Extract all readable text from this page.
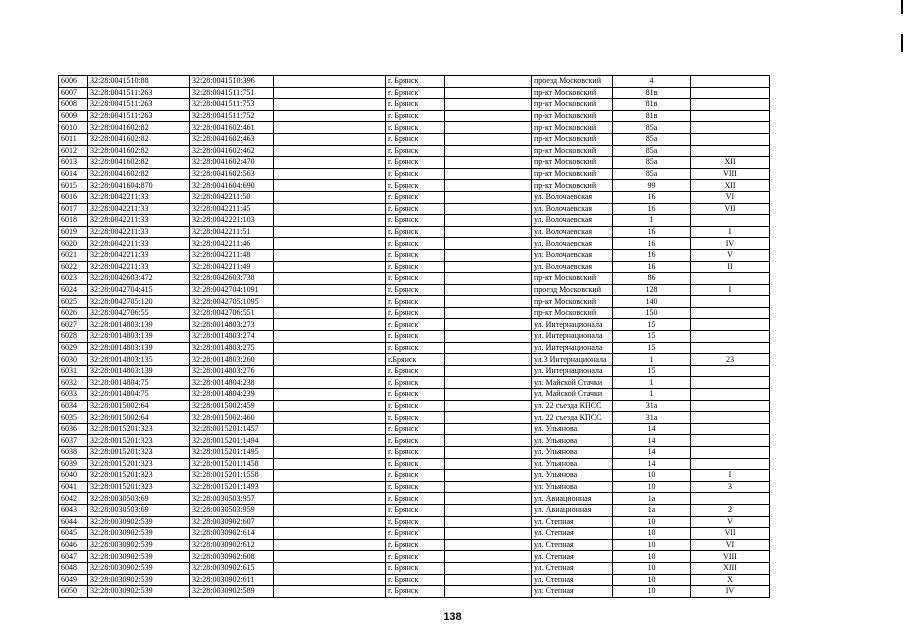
6006	32:28:0041510:88	32:28:0041510:396		г. Брянск		проезд Московский	4	
6007	32:28:0041511:263	32:28:0041511:751		г. Брянск		пр-кт Московский	81в	
6008	32:28:0041511:263	32:28:0041511:753		г. Брянск		пр-кт Московский	81в	
6009	32:28:0041511:263	32:28:0041511:752		г. Брянск		пр-кт Московский	81в	
6010	32:28:0041602:82	32:28:0041602:461		г. Брянск		пр-кт Московский	85а	
6011	32:28:0041602:82	32:28:0041602:463		г. Брянск		пр-кт Московский	85а	
6012	32:28:0041602:82	32:28:0041602:462		г. Брянск		пр-кт Московский	85а	
6013	32:28:0041602:82	32:28:0041602:470		г. Брянск		пр-кт Московский	85а	XII
6014	32:28:0041602:82	32:28:0041602:563		г. Брянск		пр-кт Московский	85а	VIII
6015	32:28:0041604:870	32:28:0041604:690		г. Брянск		пр-кт Московский	99	XII
6016	32:28:0042211:33	32:28:0042211:50		г. Брянск		ул. Волочаевская	16	VI
6017	32:28:0042211:33	32:28:0042211:45		г. Брянск		ул. Волочаевская	16	VII
6018	32:28:0042211:33	32:28:0042221:103		г. Брянск		ул. Волочаевская	1	
6019	32:28:0042211:33	32:28:0042211:51		г. Брянск		ул. Волочаевская	16	I
6020	32:28:0042211:33	32:28:0042211:46		г. Брянск		ул. Волочаевская	16	IV
6021	32:28:0042211:33	32:28:0042211:48		г. Брянск		ул. Волочаевская	16	V
6022	32:28:0042211:33	32:28:0042211:49		г. Брянск		ул. Волочаевская	16	II
6023	32:28:0042603:472	32:28:0042603:738		г. Брянск		пр-кт Московский	86	
6024	32:28:0042704:415	32:28:0042704:1091		г. Брянск		проезд Московский	128	I
6025	32:28:0042705:120	32:28:0042705:1095		г. Брянск		пр-кт Московский	140	
6026	32:28:0042706:55	32:28:0042706:551		г. Брянск		пр-кт Московский	150	
6027	32:28:0014803:139	32:28:0014803:273		г. Брянск		ул. Интернационала	15	
6028	32:28:0014803:139	32:28:0014803:274		г. Брянск		ул. Интернационала	15	
6029	32:28:0014803:139	32:28:0014803:275		г. Брянск		ул. Интернационала	15	
6030	32:28:0014803:135	32:28:0014803:260		г.Брянск		ул.3 Интернационала	1	23
6031	32:28:0014803:139	32:28:0014803:276		г. Брянск		ул. Интернационала	15	
6032	32:28:0014804:75	32:28:0014804:238		г. Брянск		ул. Майской Стачки	1	
6033	32:28:0014804:75	32:28:0014804:239		г. Брянск		ул. Майской Стачки	1	
6034	32:28:0015002:64	32:28:0015002:459		г. Брянск		ул. 22 съезда КПСС	31а	
6035	32:28:0015002:64	32:28:0015002:460		г. Брянск		ул. 22 съезда КПСС	31а	
6036	32:28:0015201:323	32:28:0015201:1457		г. Брянск		ул. Ульянова	14	
6037	32:28:0015201:323	32:28:0015201:1494		г. Брянск		ул. Ульянова	14	
6038	32:28:0015201:323	32:28:0015201:1495		г. Брянск		ул. Ульянова	14	
6039	32:28:0015201:323	32:28:0015201:1458		г. Брянск		ул. Ульянова	14	
6040	32:28:0015201:323	32:28:0015201:1558		г. Брянск		ул. Ульянова	10	I
6041	32:28:0015201:323	32:28:0015201:1493		г. Брянск		ул. Ульянова	10	3
6042	32:28:0030503:69	32:28:0030503:957		г. Брянск		ул. Авиационная	1а	
6043	32:28:0030503:69	32:28:0030503:959		г. Брянск		ул. Авиационная	1а	2
6044	32:28:0030902:539	32:28:0030902:607		г. Брянск		ул. Степная	10	V
6045	32:28:0030902:539	32:28:0030902:614		г. Брянск		ул. Степная	10	VII
6046	32:28:0030902:539	32:28:0030902:612		г. Брянск		ул. Степная	10	VI
6047	32:28:0030902:539	32:28:0030902:608		г. Брянск		ул. Степная	10	VIII
6048	32:28:0030902:539	32:28:0030902:615		г. Брянск		ул. Степная	10	XIII
6049	32:28:0030902:539	32:28:0030902:611		г. Брянск		ул. Степная	10	X
6050	32:28:0030902:539	32:28:0030902:589		г. Брянск		ул. Степная	10	IV
138
